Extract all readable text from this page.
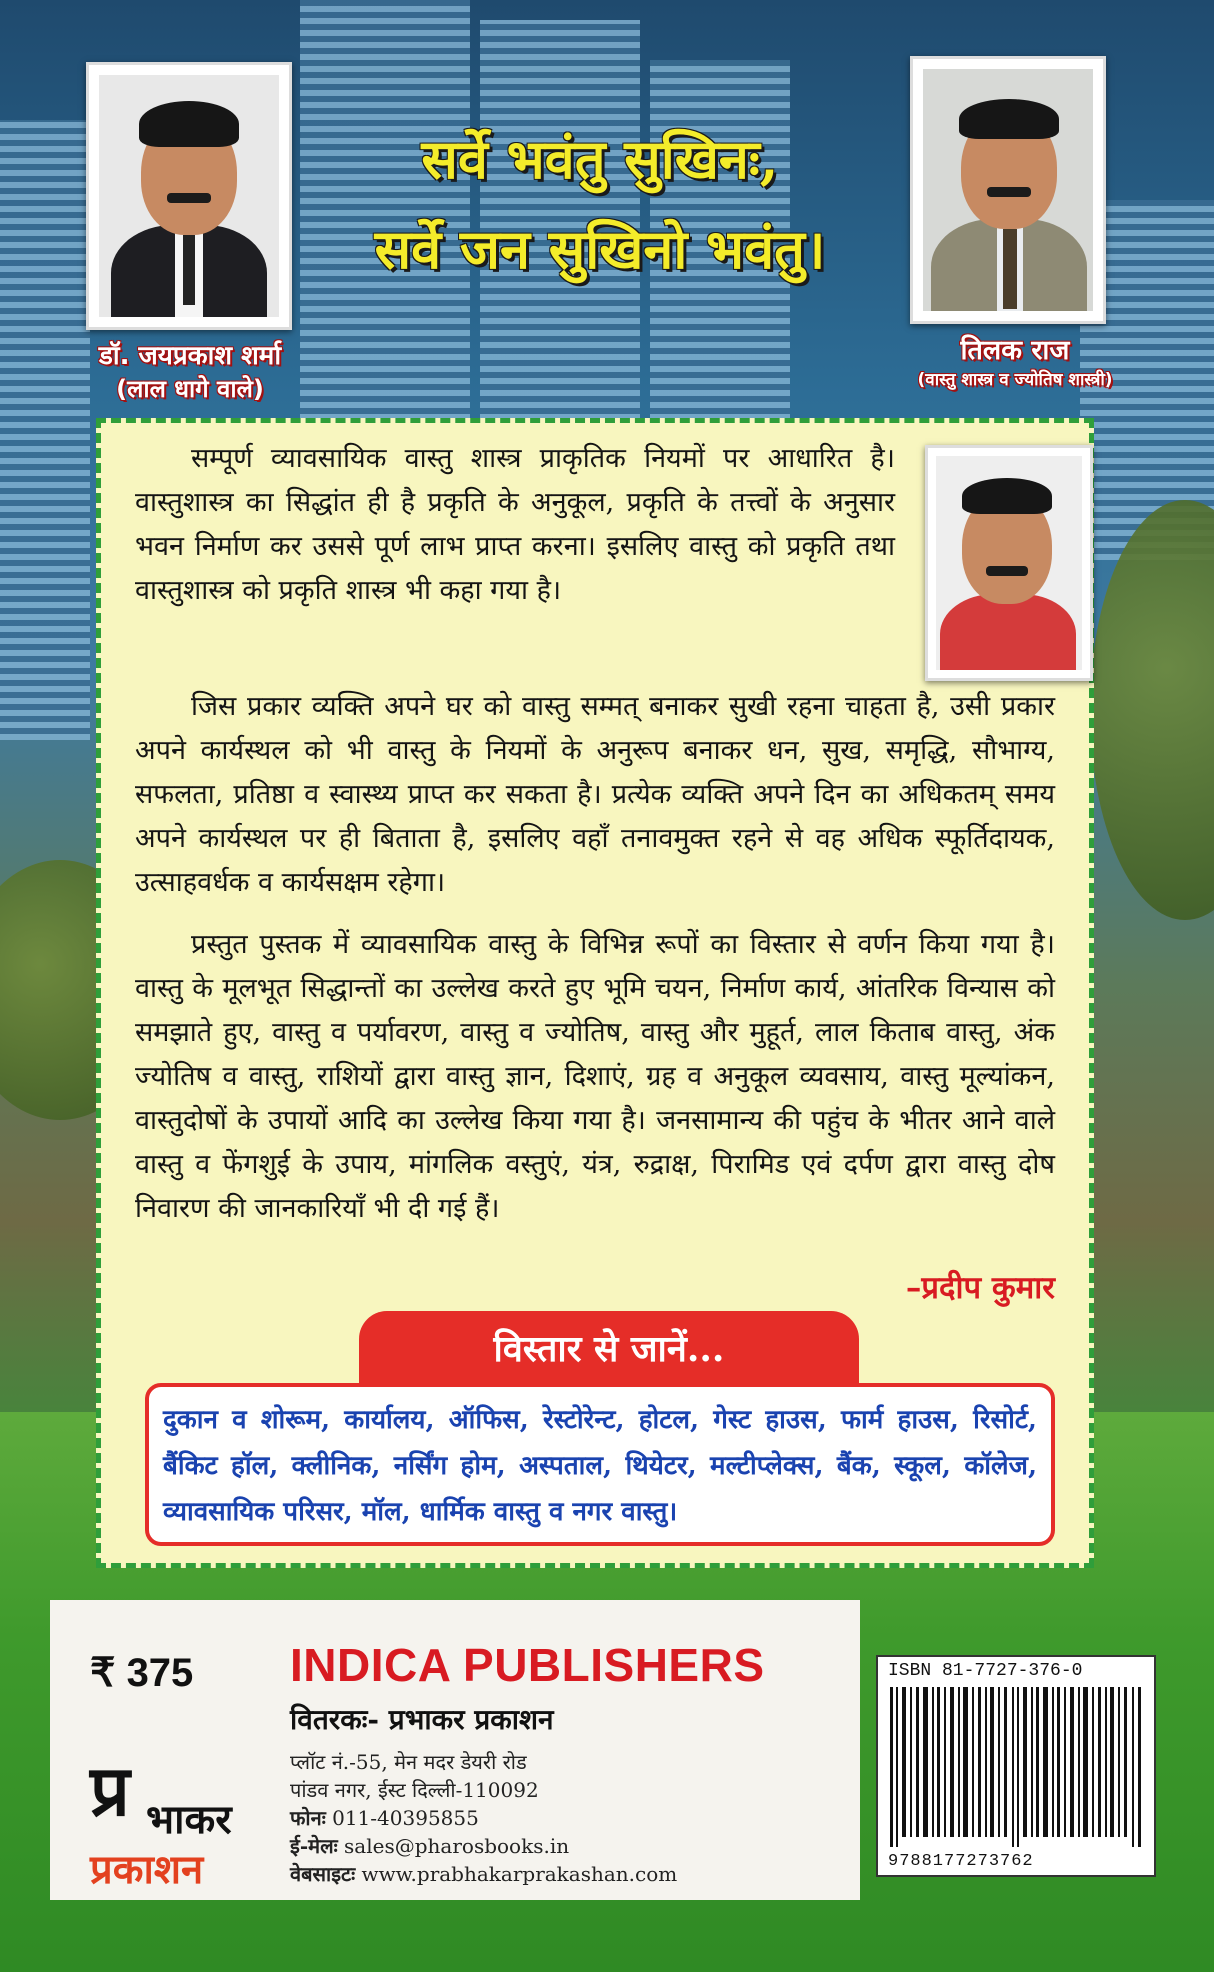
डॉ. जयप्रकाश शर्मा
(लाल धागे वाले)
तिलक राज
(वास्तु शास्त्र व ज्योतिष शास्त्री)
सर्वे भवंतु सुखिनः,
सर्वे जन सुखिनो भवंतु।
सम्पूर्ण व्यावसायिक वास्तु शास्त्र प्राकृतिक नियमों पर आधारित है। वास्तुशास्त्र का सिद्धांत ही है प्रकृति के अनुकूल, प्रकृति के तत्त्वों के अनुसार भवन निर्माण कर उससे पूर्ण लाभ प्राप्त करना। इसलिए वास्तु को प्रकृति तथा वास्तुशास्त्र को प्रकृति शास्त्र भी कहा गया है।
जिस प्रकार व्यक्ति अपने घर को वास्तु सम्मत् बनाकर सुखी रहना चाहता है, उसी प्रकार अपने कार्यस्थल को भी वास्तु के नियमों के अनुरूप बनाकर धन, सुख, समृद्धि, सौभाग्य, सफलता, प्रतिष्ठा व स्वास्थ्य प्राप्त कर सकता है। प्रत्येक व्यक्ति अपने दिन का अधिकतम् समय अपने कार्यस्थल पर ही बिताता है, इसलिए वहाँ तनावमुक्त रहने से वह अधिक स्फूर्तिदायक, उत्साहवर्धक व कार्यसक्षम रहेगा।
प्रस्तुत पुस्तक में व्यावसायिक वास्तु के विभिन्न रूपों का विस्तार से वर्णन किया गया है। वास्तु के मूलभूत सिद्धान्तों का उल्लेख करते हुए भूमि चयन, निर्माण कार्य, आंतरिक विन्यास को समझाते हुए, वास्तु व पर्यावरण, वास्तु व ज्योतिष, वास्तु और मुहूर्त, लाल किताब वास्तु, अंक ज्योतिष व वास्तु, राशियों द्वारा वास्तु ज्ञान, दिशाएं, ग्रह व अनुकूल व्यवसाय, वास्तु मूल्यांकन, वास्तुदोषों के उपायों आदि का उल्लेख किया गया है। जनसामान्य की पहुंच के भीतर आने वाले वास्तु व फेंगशुई के उपाय, मांगलिक वस्तुएं, यंत्र, रुद्राक्ष, पिरामिड एवं दर्पण द्वारा वास्तु दोष निवारण की जानकारियाँ भी दी गई हैं।
–प्रदीप कुमार
विस्तार से जानें...

दुकान व शोरूम, कार्यालय, ऑफिस, रेस्टोरेन्ट, होटल, गेस्ट हाउस, फार्म हाउस, रिसोर्ट, बैंकिट हॉल, क्लीनिक, नर्सिंग होम, अस्पताल, थियेटर, मल्टीप्लेक्स, बैंक, स्कूल, कॉलेज, व्यावसायिक परिसर, मॉल, धार्मिक वास्तु व नगर वास्तु।

₹ 375
प्र भाकर
प्रकाशन
INDICA PUBLISHERS
वितरकः- प्रभाकर प्रकाशन
प्लॉट नं.-55, मेन मदर डेयरी रोड
पांडव नगर, ईस्ट दिल्ली-110092
फोनः 011-40395855
ई-मेलः sales@pharosbooks.in
वेबसाइटः www.prabhakarprakashan.com
ISBN 81-7727-376-0
9788177273762
